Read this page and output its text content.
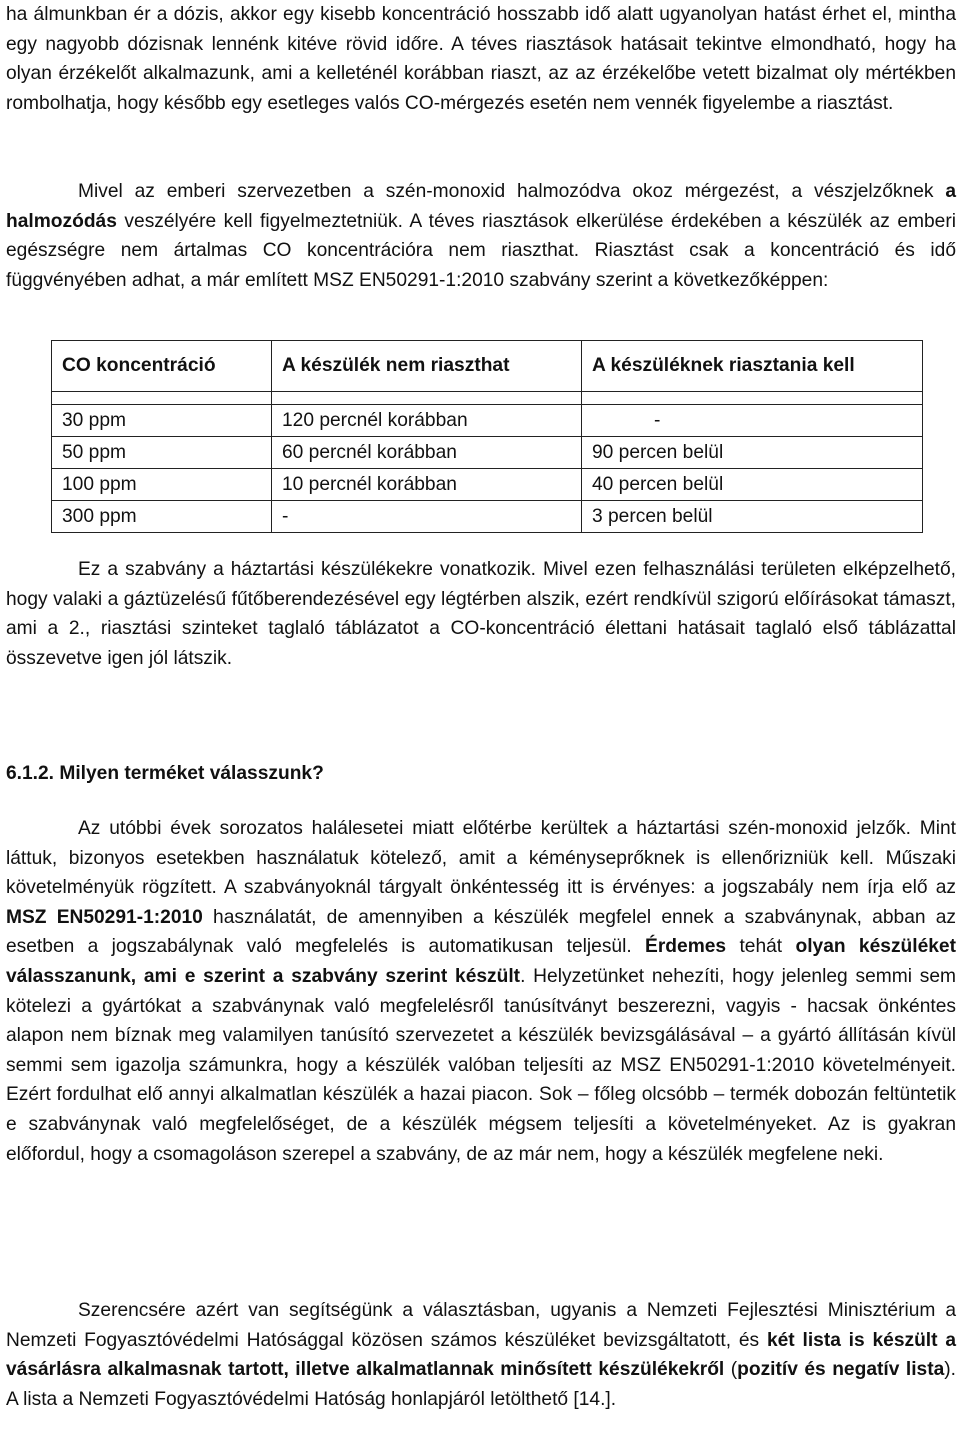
ha álmunkban ér a dózis, akkor egy kisebb koncentráció hosszabb idő alatt ugyanolyan hatást érhet el, mintha egy nagyobb dózisnak lennénk kitéve rövid időre. A téves riasztások hatásait tekintve elmondható, hogy ha olyan érzékelőt alkalmazunk, ami a kelleténél korábban riaszt, az az érzékelőbe vetett bizalmat oly mértékben rombolhatja, hogy később egy esetleges valós CO-mérgezés esetén nem vennék figyelembe a riasztást.

Mivel az emberi szervezetben a szén-monoxid halmozódva okoz mérgezést, a vészjelzőknek a halmozódás veszélyére kell figyelmeztetniük. A téves riasztások elkerülése érdekében a készülék az emberi egészségre nem ártalmas CO koncentrációra nem riaszthat. Riasztást csak a koncentráció és idő függvényében adhat, a már említett MSZ EN50291-1:2010 szabvány szerint a következőképpen:

CO koncentráció	A készülék nem riaszthat	A készüléknek riasztania kell

30 ppm	120 percnél korábban	-
50 ppm	60 percnél korábban	90 percen belül
100 ppm	10 percnél korábban	40 percen belül
300 ppm	-	3 percen belül

Ez a szabvány a háztartási készülékekre vonatkozik. Mivel ezen felhasználási területen elképzelhető, hogy valaki a gáztüzelésű fűtőberendezésével egy légtérben alszik, ezért rendkívül szigorú előírásokat támaszt, ami a 2., riasztási szinteket taglaló táblázatot a CO-koncentráció élettani hatásait taglaló első táblázattal összevetve igen jól látszik.

6.1.2. Milyen terméket válasszunk?

Az utóbbi évek sorozatos halálesetei miatt előtérbe kerültek a háztartási szén-monoxid jelzők. Mint láttuk, bizonyos esetekben használatuk kötelező, amit a kéményseprőknek is ellenőrizniük kell. Műszaki követelményük rögzített. A szabványoknál tárgyalt önkéntesség itt is érvényes: a jogszabály nem írja elő az MSZ EN50291-1:2010 használatát, de amennyiben a készülék megfelel ennek a szabványnak, abban az esetben a jogszabálynak való megfelelés is automatikusan teljesül. Érdemes tehát olyan készüléket válasszanunk, ami e szerint a szabvány szerint készült. Helyzetünket nehezíti, hogy jelenleg semmi sem kötelezi a gyártókat a szabványnak való megfelelésről tanúsítványt beszerezni, vagyis - hacsak önkéntes alapon nem bíznak meg valamilyen tanúsító szervezetet a készülék bevizsgálásával – a gyártó állításán kívül semmi sem igazolja számunkra, hogy a készülék valóban teljesíti az MSZ EN50291-1:2010 követelményeit. Ezért fordulhat elő annyi alkalmatlan készülék a hazai piacon. Sok – főleg olcsóbb – termék dobozán feltüntetik e szabványnak való megfelelőséget, de a készülék mégsem teljesíti a követelményeket. Az is gyakran előfordul, hogy a csomagoláson szerepel a szabvány, de az már nem, hogy a készülék megfelene neki.

Szerencsére azért van segítségünk a választásban, ugyanis a Nemzeti Fejlesztési Minisztérium a Nemzeti Fogyasztóvédelmi Hatósággal közösen számos készüléket bevizsgáltatott, és két lista is készült a vásárlásra alkalmasnak tartott, illetve alkalmatlannak minősített készülékekről (pozitív és negatív lista). A lista a Nemzeti Fogyasztóvédelmi Hatóság honlapjáról letölthető [14.].
